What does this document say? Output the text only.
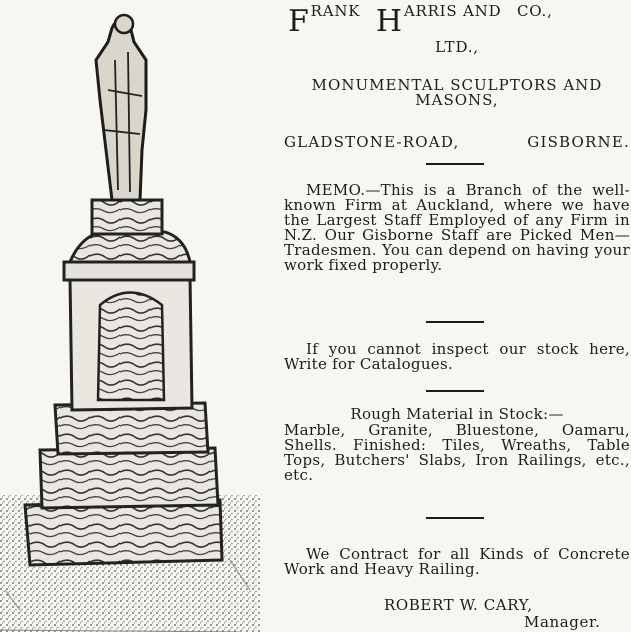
FRANK HARRIS AND CO.,
LTD.,
MONUMENTAL SCULPTORS AND MASONS,
GLADSTONE-ROAD,	GISBORNE.
MEMO.—This is a Branch of the well-known Firm at Auckland, where we have the Largest Staff Employed of any Firm in N.Z. Our Gisborne Staff are Picked Men—Tradesmen. You can depend on having your work fixed properly.
If you cannot inspect our stock here, Write for Catalogues.
Rough Material in Stock:—
Marble, Granite, Bluestone, Oamaru, Shells. Finished: Tiles, Wreaths, Table Tops, Butchers' Slabs, Iron Railings, etc., etc.
We Contract for all Kinds of Concrete Work and Heavy Railing.
ROBERT W. CARY,
Manager.
